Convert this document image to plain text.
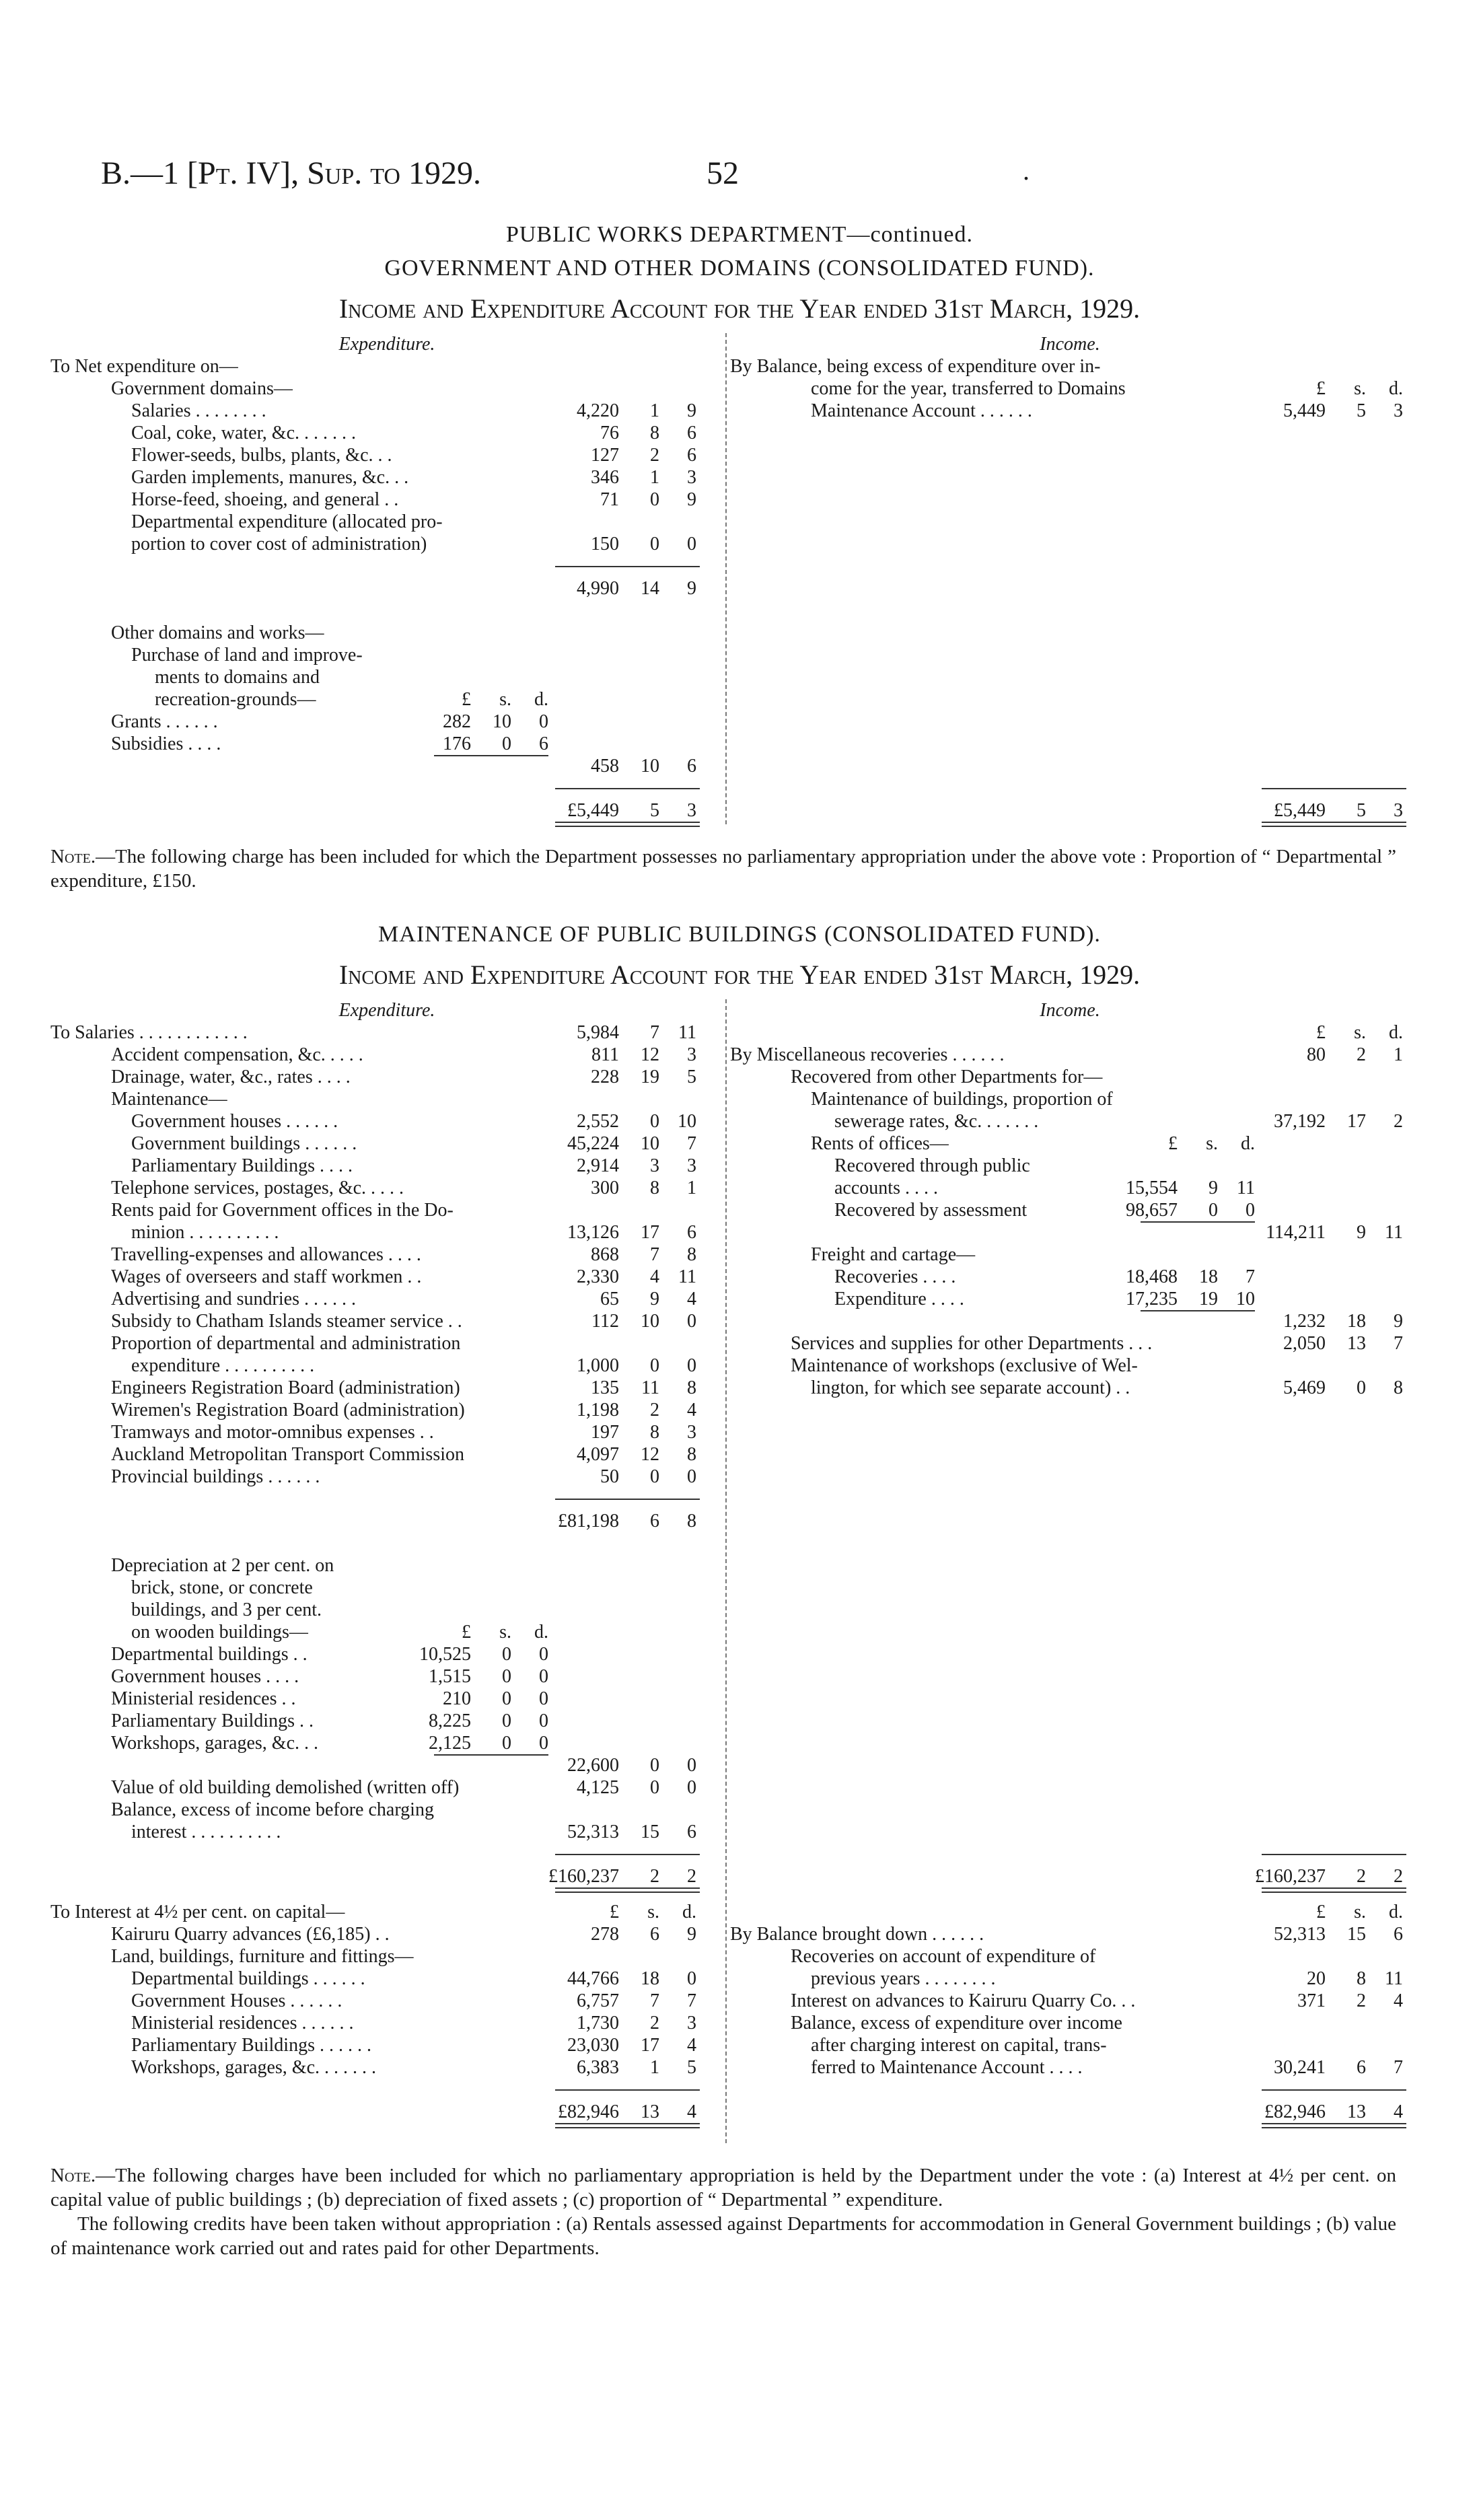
B.—1 [Pt. IV], Sup. to 1929.	52	.
PUBLIC WORKS DEPARTMENT—continued.
GOVERNMENT AND OTHER DOMAINS (CONSOLIDATED FUND).
Income and Expenditure Account for the Year ended 31st March, 1929.
Expenditure.
To Net expenditure on—
Government domains—
Salaries . . . . . . . .	4,220	1	9
Coal, coke, water, &c. . . . . . .	76	8	6
Flower-seeds, bulbs, plants, &c. . .	127	2	6
Garden implements, manures, &c. . .	346	1	3
Horse-feed, shoeing, and general . .	71	0	9
Departmental expenditure (allocated pro-
portion to cover cost of administration)	150	0	0
4,990	14	9
Other domains and works—
Purchase of land and improve-
ments to domains and
recreation-grounds—	£	s.	d.
Grants . . . . . .	282	10	0
Subsidies . . . .	176	0	6
458	10	6
£5,449	5	3
Income.
By Balance, being excess of expenditure over in-
come for the year, transferred to Domains	£	s.	d.
Maintenance Account . . . . . .	5,449	5	3
£5,449	5	3
Note.—The following charge has been included for which the Department possesses no parliamentary appropriation under the above vote : Proportion of “ Departmental ” expenditure, £150.
MAINTENANCE OF PUBLIC BUILDINGS (CONSOLIDATED FUND).
Income and Expenditure Account for the Year ended 31st March, 1929.
Expenditure.
To Salaries . . . . . . . . . . . .	5,984	7	11
Accident compensation, &c. . . . .	811	12	3
Drainage, water, &c., rates . . . .	228	19	5
Maintenance—
Government houses . . . . . .	2,552	0 10
Government buildings . . . . . .	45,224	10	7
Parliamentary Buildings . . . .	2,914	3	3
Telephone services, postages, &c. . . . .	300	8	1
Rents paid for Government offices in the Do-
minion . . . . . . . . . .	13,126	17	6
Travelling-expenses and allowances . . . .	868	7	8
Wages of overseers and staff workmen . .	2,330	4	11
Advertising and sundries . . . . . .	65	9	4
Subsidy to Chatham Islands steamer service . .	112	10	0
Proportion of departmental and administration
expenditure . . . . . . . . . .	1,000	0	0
Engineers Registration Board (administration)	135	11	8
Wiremen's Registration Board (administration)	1,198	2	4
Tramways and motor-omnibus expenses . .	197	8	3
Auckland Metropolitan Transport Commission	4,097	12	8
Provincial buildings . . . . . .	50	0	0
£81,198	6	8
Depreciation at 2 per cent. on
brick, stone, or concrete
buildings, and 3 per cent.
on wooden buildings—	£	s.	d.
Departmental buildings . .	10,525	0	0
Government houses . . . .	1,515	0	0
Ministerial residences . .	210	0	0
Parliamentary Buildings . .	8,225	0	0
Workshops, garages, &c. . .	2,125	0	0
22,600	0	0
Value of old building demolished (written off)	4,125	0	0
Balance, excess of income before charging
interest . . . . . . . . . .	52,313	15	6
£160,237	2	2
Income.
£	s.	d.
By Miscellaneous recoveries . . . . . .	80	2	1
Recovered from other Departments for—
Maintenance of buildings, proportion of
sewerage rates, &c. . . . . . .	37,192	17	2
Rents of offices—	£	s.	d.
Recovered through public
accounts . . . .	15,554	9	11
Recovered by assessment	98,657	0	0
114,211	9	11
Freight and cartage—
Recoveries . . . .	18,468	18	7
Expenditure . . . .	17,235	19 10
1,232	18	9
Services and supplies for other Departments . . .	2,050	13	7
Maintenance of workshops (exclusive of Wel-
lington, for which see separate account) . .	5,469	0	8
£160,237	2	2
To Interest at 4½ per cent. on capital—	£	s.	d.
Kairuru Quarry advances (£6,185) . .	278	6	9
Land, buildings, furniture and fittings—
Departmental buildings . . . . . .	44,766	18	0
Government Houses . . . . . .	6,757	7	7
Ministerial residences . . . . . .	1,730	2	3
Parliamentary Buildings . . . . . .	23,030	17	4
Workshops, garages, &c. . . . . . .	6,383	1	5
£82,946	13	4
£	s.	d.
By Balance brought down . . . . . .	52,313	15	6
Recoveries on account of expenditure of
previous years . . . . . . . .	20	8	11
Interest on advances to Kairuru Quarry Co. . .	371	2	4
Balance, excess of expenditure over income
after charging interest on capital, trans-
ferred to Maintenance Account . . . .	30,241	6	7
£82,946	13	4
Note.—The following charges have been included for which no parliamentary appropriation is held by the Department under the vote : (a) Interest at 4½ per cent. on capital value of public buildings ; (b) depreciation of fixed assets ; (c) proportion of “ Departmental ” expenditure.
The following credits have been taken without appropriation : (a) Rentals assessed against Departments for accommodation in General Government buildings ; (b) value of maintenance work carried out and rates paid for other Departments.
